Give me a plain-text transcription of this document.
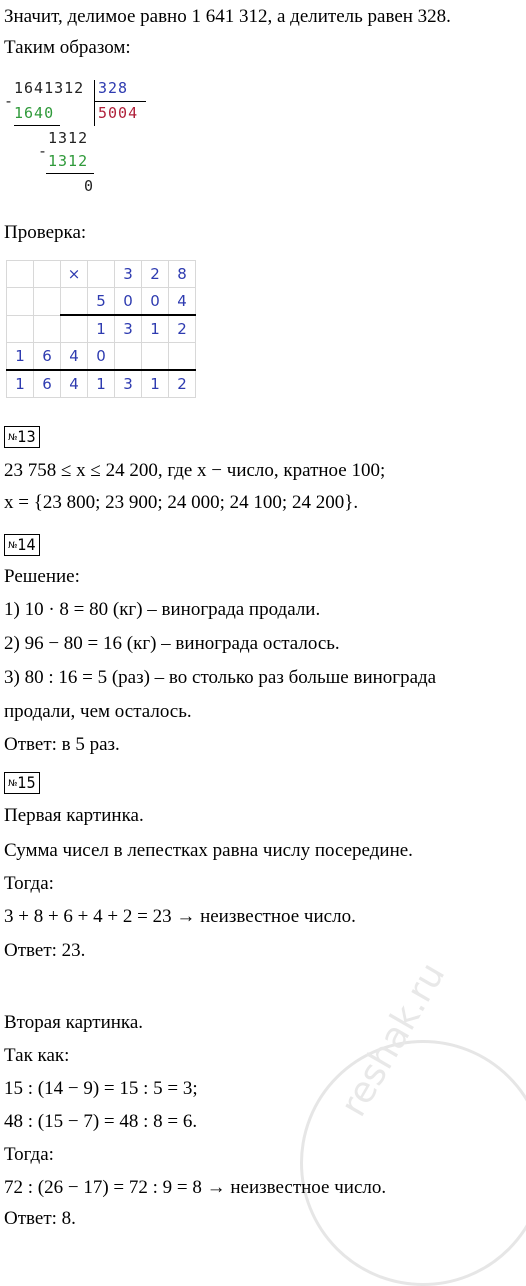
reshak.ru
Значит, делимое равно 1 641 312, а делитель равен 328.
Таким образом:
1641312 328
-
1640	5004
1312
-
1312
0
Проверка:
		×		3	2	8
			5	0	0	4
			1	3	1	2
1	6	4	0			
1	6	4	1	3	1	2
№13
23 758 ≤ x ≤ 24 200, где x − число, кратное 100;
x = {23 800; 23 900; 24 000; 24 100; 24 200}.
№14
Решение:
1) 10 · 8 = 80 (кг) – винограда продали.
2) 96 − 80 = 16 (кг) – винограда осталось.
3) 80 : 16 = 5 (раз) – во столько раз больше винограда
продали, чем осталось.
Ответ: в 5 раз.
№15
Первая картинка.
Сумма чисел в лепестках равна числу посередине.
Тогда:
3 + 8 + 6 + 4 + 2 = 23 → неизвестное число.
Ответ: 23.
Вторая картинка.
Так как:
15 : (14 − 9) = 15 : 5 = 3;
48 : (15 − 7) = 48 : 8 = 6.
Тогда:
72 : (26 − 17) = 72 : 9 = 8 → неизвестное число.
Ответ: 8.
